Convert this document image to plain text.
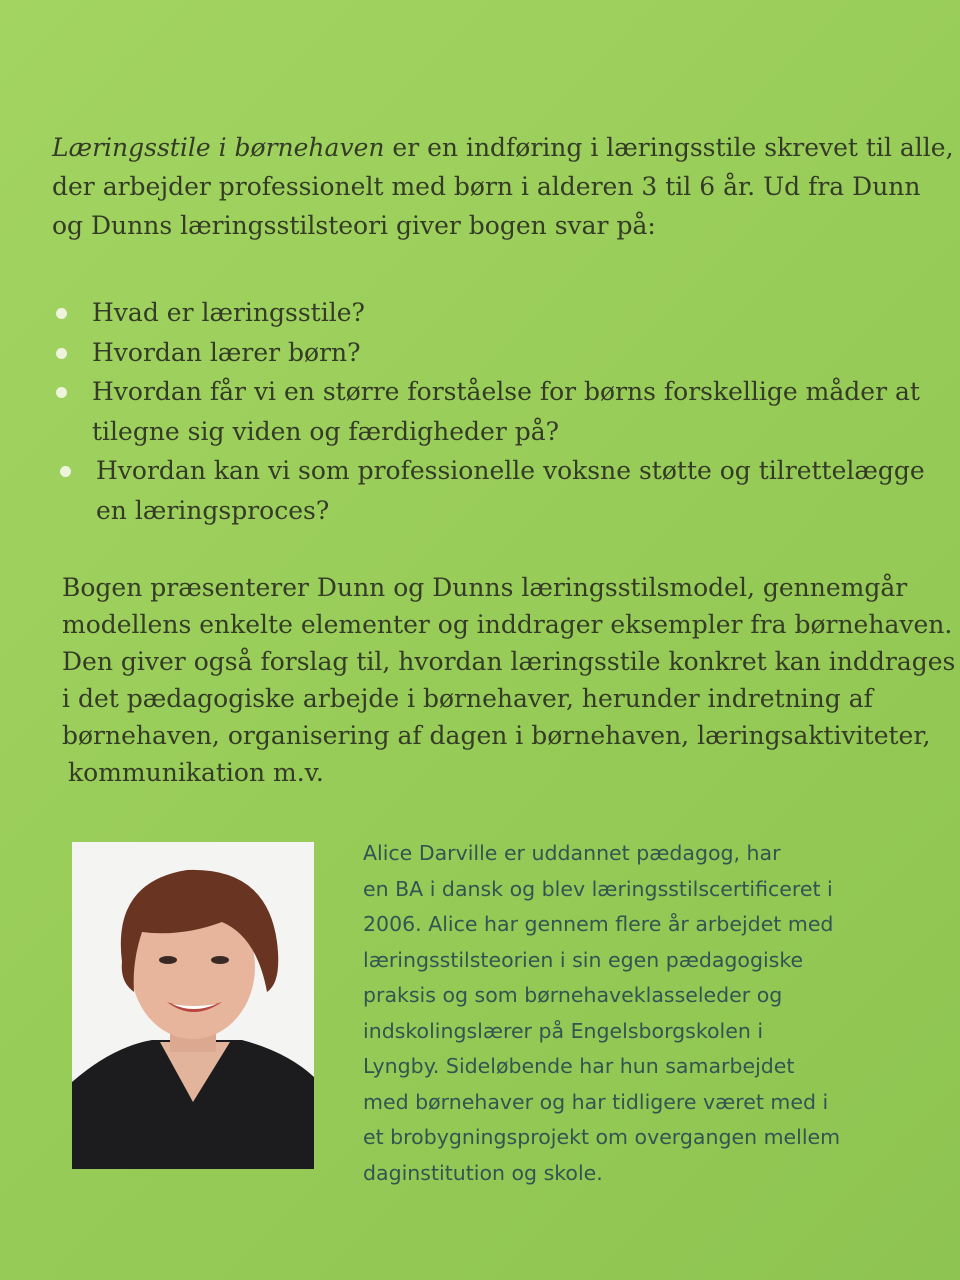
Læringsstile i børnehaven er en indføring i læringsstile skrevet til alle,
der arbejder professionelt med børn i alderen 3 til 6 år. Ud fra Dunn
og Dunns læringsstilsteori giver bogen svar på:
Hvad er læringsstile?
Hvordan lærer børn?
Hvordan får vi en større forståelse for børns forskellige måder at
tilegne sig viden og færdigheder på?
Hvordan kan vi som professionelle voksne støtte og tilrettelægge
en læringsproces?
Bogen præsenterer Dunn og Dunns læringsstilsmodel, gennemgår
modellens enkelte elementer og inddrager eksempler fra børnehaven.
Den giver også forslag til, hvordan læringsstile konkret kan inddrages
i det pædagogiske arbejde i børnehaver, herunder indretning af
børnehaven, organisering af dagen i børnehaven, læringsaktiviteter,
kommunikation m.v.
Alice Darville er uddannet pædagog, har
en BA i dansk og blev læringsstilscertificeret i
2006. Alice har gennem flere år arbejdet med
læringsstilsteorien i sin egen pædagogiske
praksis og som børnehaveklasseleder og
indskolingslærer på Engelsborgskolen i
Lyngby. Sideløbende har hun samarbejdet
med børnehaver og har tidligere været med i
et brobygningsprojekt om overgangen mellem
daginstitution og skole.
